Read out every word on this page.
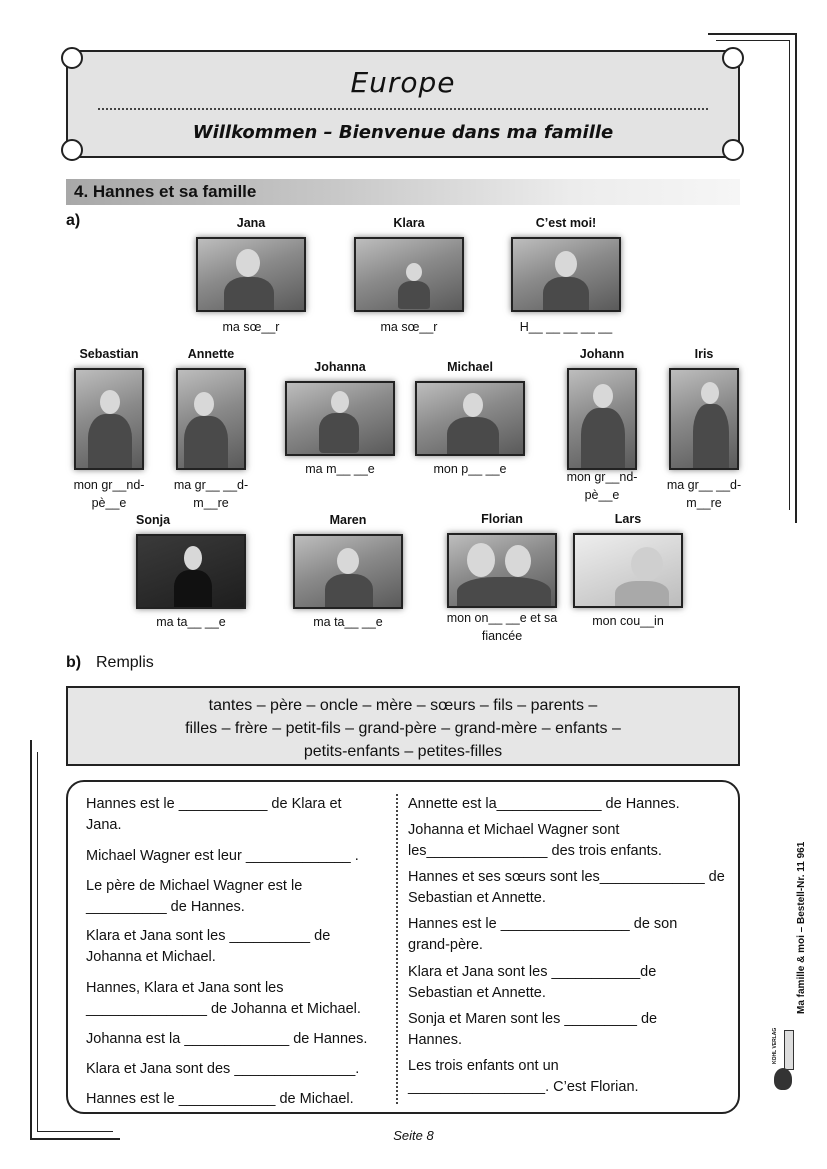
Europe
Willkommen – Bienvenue dans ma famille
4. Hannes et sa famille
a)	Jana
ma sœ__r
Klara
ma sœ__r
C’est moi!
H__ __ __ __ __
Sebastian
mon gr__nd-pè__e
Annette
ma gr__ __d-m__re
Johanna
ma m__ __e
Michael
mon p__ __e
Johann
mon gr__nd-pè__e
Iris
ma gr__ __d-m__re
Sonja
ma ta__ __e
Maren
ma ta__ __e
Florian
mon on__ __e et sa fiancée
Lars
mon cou__in
b) Remplis
tantes – père – oncle – mère – sœurs – fils – parents –
filles – frère – petit-fils – grand-père – grand-mère – enfants –
petits-enfants – petites-filles
Hannes est le ___________ de Klara et Jana.
Michael Wagner est leur _____________ .
Le père de Michael Wagner est le __________ de Hannes.
Klara et Jana sont les __________ de Johanna et Michael.
Hannes, Klara et Jana sont les _______________ de Johanna et Michael.
Johanna est la _____________ de Hannes.
Klara et Jana sont des _______________.
Hannes est le ____________ de Michael.
Annette est la_____________ de Hannes.
Johanna et Michael Wagner sont les_______________ des trois enfants.
Hannes et ses sœurs sont les_____________ de Sebastian et Annette.
Hannes est le ________________ de son grand-père.
Klara et Jana sont les ___________de Sebastian et Annette.
Sonja et Maren sont les _________ de Hannes.
Les trois enfants ont un _________________. C’est Florian.
Ma famille & moi – Bestell-Nr. 11 961
KOHL VERLAG
Seite 8
